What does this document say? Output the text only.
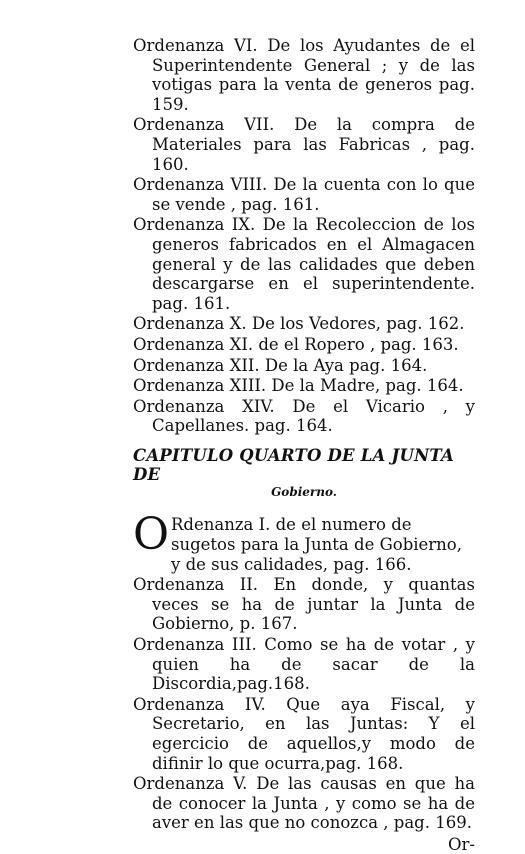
Ordenanza VI. De los Ayudantes de el Superintendente General ; y de las votigas para la venta de generos pag. 159.

Ordenanza VII. De la compra de Materiales para las Fabricas , pag. 160.

Ordenanza VIII. De la cuenta con lo que se vende , pag. 161.

Ordenanza IX. De la Recoleccion de los generos fabricados en el Almagacen general y de las calidades que deben descargarse en el superintendente. pag. 161.

Ordenanza X. De los Vedores, pag. 162.

Ordenanza XI. de el Ropero , pag. 163.

Ordenanza XII. De la Aya pag. 164.

Ordenanza XIII. De la Madre, pag. 164.

Ordenanza XIV. De el Vicario , y Capellanes. pag. 164.

CAPITULO QUARTO DE LA JUNTA DE
Gobierno.

O Rdenanza I. de el numero de sugetos para la Junta de Gobierno, y de sus calidades, pag. 166.

Ordenanza II. En donde, y quantas veces se ha de juntar la Junta de Gobierno, p. 167.

Ordenanza III. Como se ha de votar , y quien ha de sacar de la Discordia,pag.168.

Ordenanza IV. Que aya Fiscal, y Secretario, en las Juntas: Y el egercicio de aquellos,y modo de difinir lo que ocurra,pag. 168.

Ordenanza V. De las causas en que ha de conocer la Junta , y como se ha de aver en las que no conozca , pag. 169.

Or-
